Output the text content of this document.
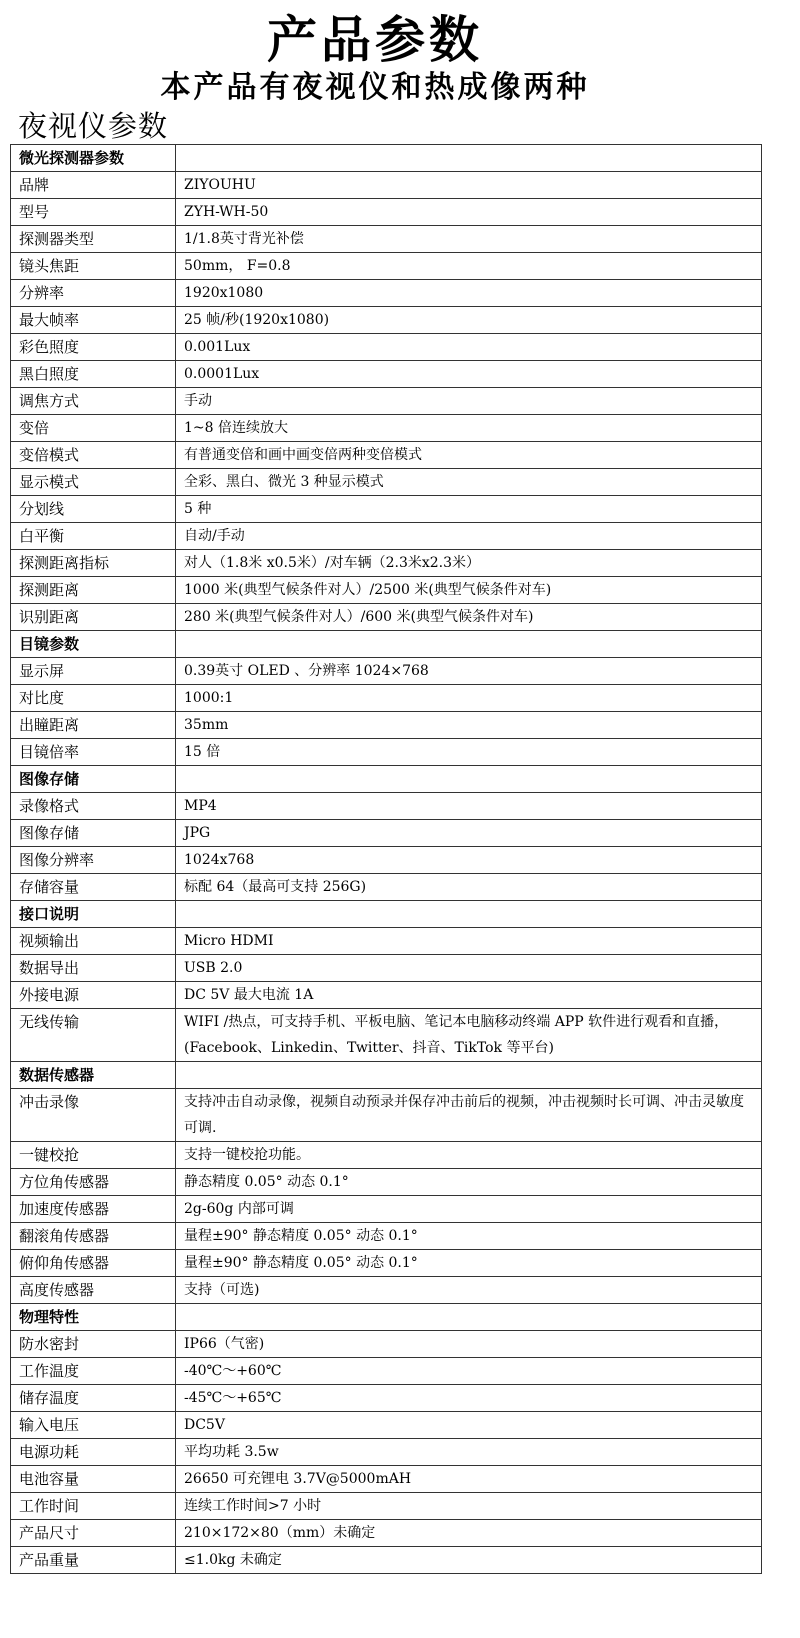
产品参数
本产品有夜视仪和热成像两种
夜视仪参数
微光探测器参数	
品牌	ZIYOUHU
型号	ZYH-WH-50
探测器类型	1/1.8英寸背光补偿
镜头焦距	50mm， F=0.8
分辨率	1920x1080
最大帧率	25 帧/秒(1920x1080)
彩色照度	0.001Lux
黑白照度	0.0001Lux
调焦方式	手动
变倍	1~8 倍连续放大
变倍模式	有普通变倍和画中画变倍两种变倍模式
显示模式	全彩、黑白、微光 3 种显示模式
分划线	5 种
白平衡	自动/手动
探测距离指标	对人（1.8米 x0.5米）/对车辆（2.3米x2.3米）
探测距离	1000 米(典型气候条件对人）/2500 米(典型气候条件对车)
识别距离	280 米(典型气候条件对人）/600 米(典型气候条件对车)
目镜参数	
显示屏	0.39英寸 OLED 、分辨率 1024×768
对比度	1000:1
出瞳距离	35mm
目镜倍率	15 倍
图像存储	
录像格式	MP4
图像存储	JPG
图像分辨率	1024x768
存储容量	标配 64（最高可支持 256G)
接口说明	
视频输出	Micro HDMI
数据导出	USB 2.0
外接电源	DC 5V 最大电流 1A
无线传输	WIFI /热点，可支持手机、平板电脑、笔记本电脑移动终端 APP 软件进行观看和直播，(Facebook、Linkedin、Twitter、抖音、TikTok 等平台)
数据传感器	
冲击录像	支持冲击自动录像，视频自动预录并保存冲击前后的视频，冲击视频时长可调、冲击灵敏度可调.
一键校抢	支持一键校抢功能。
方位角传感器	静态精度 0.05° 动态 0.1°
加速度传感器	2g-60g 内部可调
翻滚角传感器	量程±90° 静态精度 0.05° 动态 0.1°
俯仰角传感器	量程±90° 静态精度 0.05° 动态 0.1°
高度传感器	支持（可选)
物理特性	
防水密封	IP66（气密)
工作温度	-40℃～+60℃
储存温度	-45℃～+65℃
输入电压	DC5V
电源功耗	平均功耗 3.5w
电池容量	26650 可充锂电 3.7V@5000mAH
工作时间	连续工作时间>7 小时
产品尺寸	210×172×80（mm）未确定
产品重量	≤1.0kg 未确定
